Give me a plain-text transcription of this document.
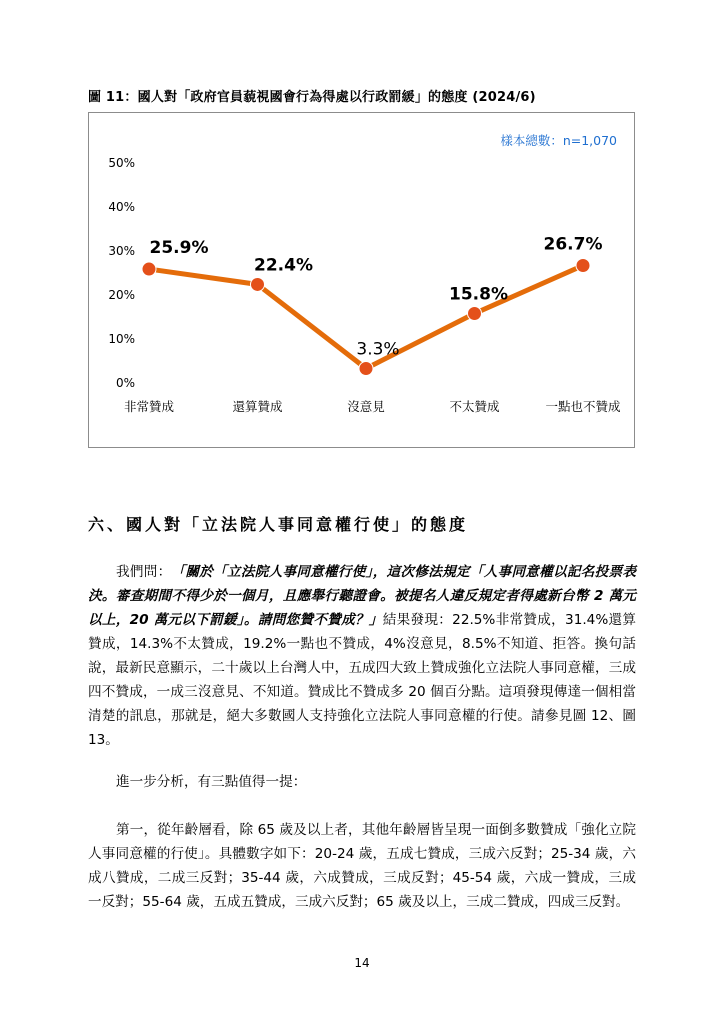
圖 11：國人對「政府官員藐視國會行為得處以行政罰緩」的態度 (2024/6)
樣本總數：n=1,070
0%
10%
20%
30%
40%
50%
非常贊成	還算贊成	沒意見	不太贊成	一點也不贊成
25.9%
22.4%
3.3%
15.8%
26.7%
六、國人對「立法院人事同意權行使」的態度

我們問：「關於「立法院人事同意權行使」，這次修法規定「人事同意權以記名投票表決。審查期間不得少於一個月，且應舉行聽證會。被提名人違反規定者得處新台幣 2 萬元以上，20 萬元以下罰鍰」。請問您贊不贊成？」結果發現：22.5%非常贊成，31.4%還算贊成，14.3%不太贊成，19.2%一點也不贊成，4%沒意見，8.5%不知道、拒答。換句話說，最新民意顯示，二十歲以上台灣人中，五成四大致上贊成強化立法院人事同意權，三成四不贊成，一成三沒意見、不知道。贊成比不贊成多 20 個百分點。這項發現傳達一個相當清楚的訊息，那就是，絕大多數國人支持強化立法院人事同意權的行使。請參見圖 12、圖 13。

進一步分析，有三點值得一提：

第一，從年齡層看，除 65 歲及以上者，其他年齡層皆呈現一面倒多數贊成「強化立院人事同意權的行使」。具體數字如下：20-24 歲，五成七贊成，三成六反對；25-34 歲，六成八贊成，二成三反對；35-44 歲，六成贊成，三成反對；45-54 歲，六成一贊成，三成一反對；55-64 歲，五成五贊成，三成六反對；65 歲及以上，三成二贊成，四成三反對。

14
